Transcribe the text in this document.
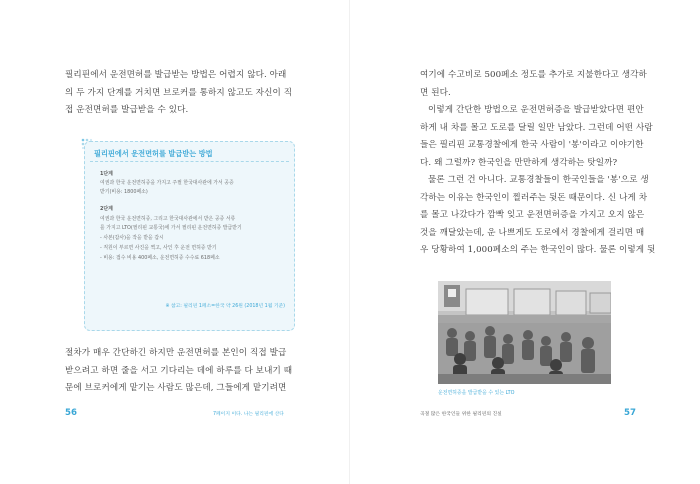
필리핀에서 운전면허를 발급받는 방법은 어렵지 않다. 아래
의 두 가지 단계를 거치면 브로커를 통하지 않고도 자신이 직
접 운전면허를 발급받을 수 있다.
필리핀에서 운전면허를 발급받는 방법
1단계
여권과 한국 운전면허증을 가지고 주필 한국대사관에 가서 공증
받기(비용: 1800페소)
2단계
여권과 한국 운전면허증, 그리고 한국대사관에서 받은 공증 서류
를 가지고 LTO(필리핀 교통국)에 가서 필리핀 운전면허증 발급받기
- 사본(갑사)을 작을 받을 갑시
- 직원이 부르면 사진을 찍고, 사인 후 운전 면허증 받기
- 비용: 접수 비용 400페소, 운전면허증 수수료 618페소
※ 참고: 필리핀 1페소=한국 약 26원 (2018년 1월 기준)
절차가 매우 간단하긴 하지만 운전면허를 본인이 직접 발급
받으려고 하면 줄을 서고 기다리는 데에 하루를 다 보내기 때
문에 브로커에게 맡기는 사람도 많은데, 그들에게 맡기려면
56	7페이지 이다. 나는 필리핀에 산다
여기에 수고비로 500페소 정도를 추가로 지불한다고 생각하
면 된다.
이렇게 간단한 방법으로 운전면허증을 발급받았다면 편안
하게 내 차를 몰고 도로를 달릴 일만 남았다. 그런데 어떤 사람
들은 필리핀 교통경찰에게 한국 사람이 '봉'이라고 이야기한
다. 왜 그럴까? 한국인을 만만하게 생각하는 탓일까?
물론 그런 건 아니다. 교통경찰들이 한국인들을 '봉'으로 생
각하는 이유는 한국인이 찔러주는 뒷돈 때문이다. 신 나게 차
를 몰고 나갔다가 깜빡 잊고 운전면허증을 가지고 오지 않은
것을 깨달았는데, 운 나쁘게도 도로에서 경찰에게 걸리면 매
우 당황하여 1,000페소의 주는 한국인이 많다. 물론 이렇게 뒷
운전면허증을 발급받을 수 있는 LTO
곡절 많은 한국인들 위한 필리핀의 진실	57
